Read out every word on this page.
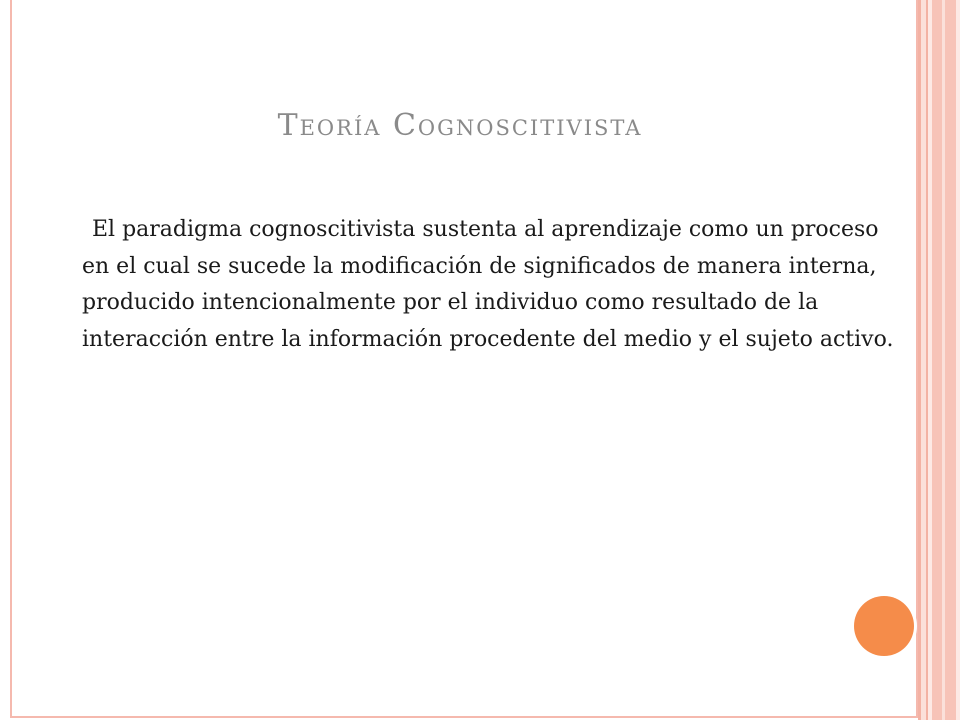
Teoría Cognoscitivista

El paradigma cognoscitivista sustenta al aprendizaje como un proceso en el cual se sucede la modificación de significados de manera interna, producido intencionalmente por el individuo como resultado de la interacción entre la información procedente del medio y el sujeto activo.
